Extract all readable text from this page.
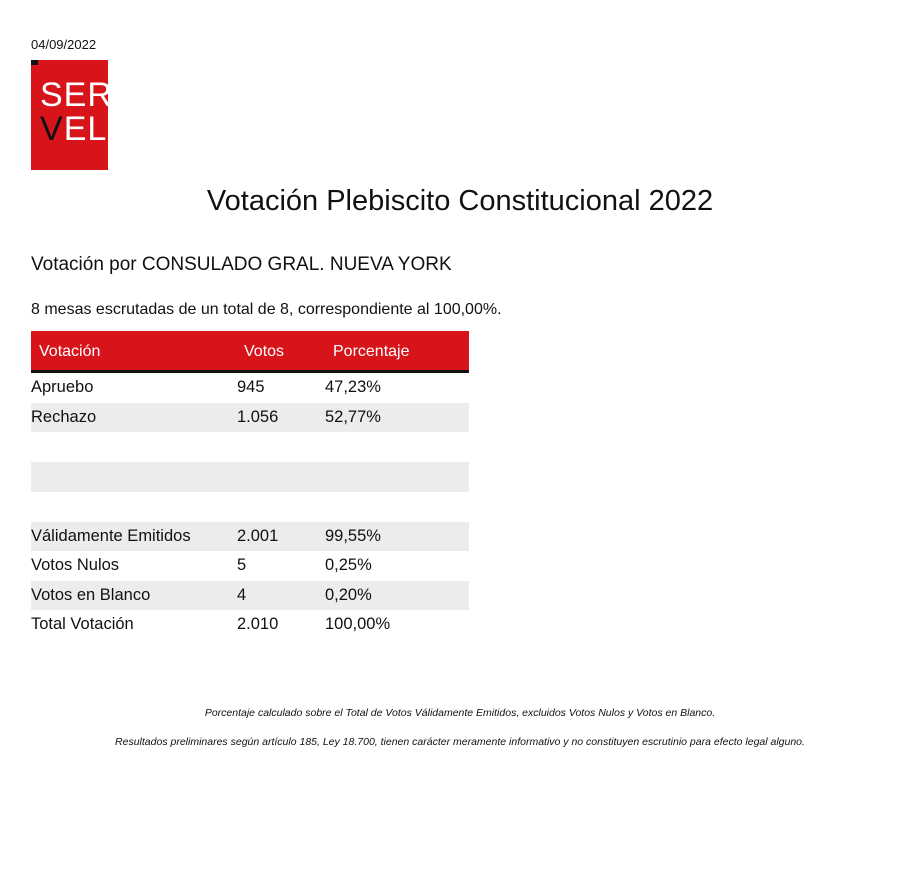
04/09/2022
SER
VEL
Votación Plebiscito Constitucional 2022
Votación por CONSULADO GRAL. NUEVA YORK
8 mesas escrutadas de un total de 8, correspondiente al 100,00%.
Votación	Votos	Porcentaje
Apruebo	945	47,23%
Rechazo	1.056	52,77%
Válidamente Emitidos	2.001	99,55%
Votos Nulos	5	0,25%
Votos en Blanco	4	0,20%
Total Votación	2.010	100,00%
Porcentaje calculado sobre el Total de Votos Válidamente Emitidos, excluidos Votos Nulos y Votos en Blanco.
Resultados preliminares según artículo 185, Ley 18.700, tienen carácter meramente informativo y no constituyen escrutinio para efecto legal alguno.
